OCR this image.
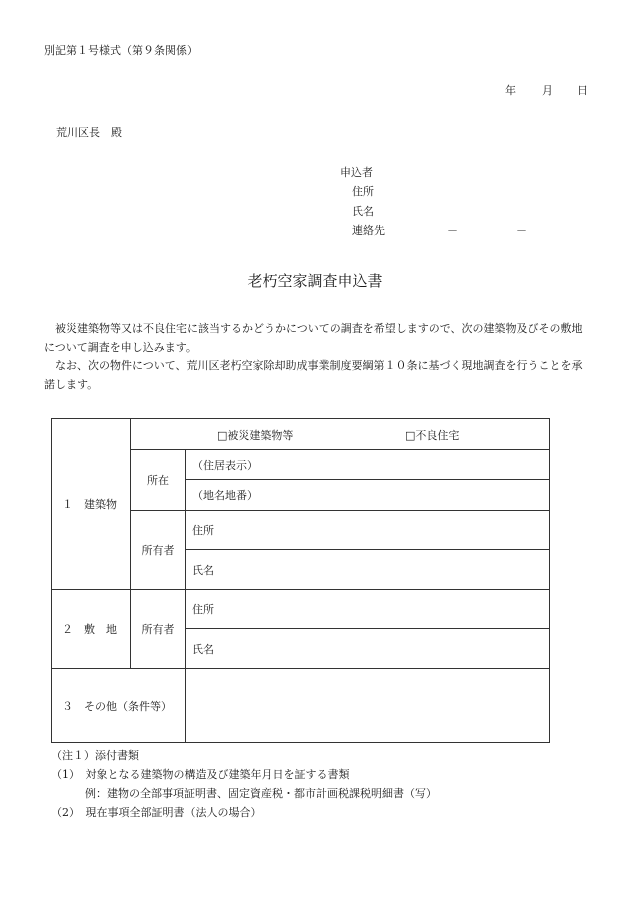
別記第１号様式（第９条関係）
年 月 日
荒川区長　殿
申込者
住所
氏名
連絡先	－	－
老朽空家調査申込書

被災建築物等又は不良住宅に該当するかどうかについての調査を希望しますので、次の建築物及びその敷地について調査を申し込みます。

なお、次の物件について、荒川区老朽空家除却助成事業制度要綱第１０条に基づく現地調査を行うことを承諾します。

１　建築物	□被災建築物等 □不良住宅	

	所在	（住居表示）
		（地名地番）
	所有者	住所
		氏名
２　敷　地	所有者	住所
		氏名
３　その他（条件等）		
（注１）添付書類
（1）　対象となる建築物の構造及び建築年月日を証する書類
例：建物の全部事項証明書、固定資産税・都市計画税課税明細書（写）
（2）　現在事項全部証明書（法人の場合）
